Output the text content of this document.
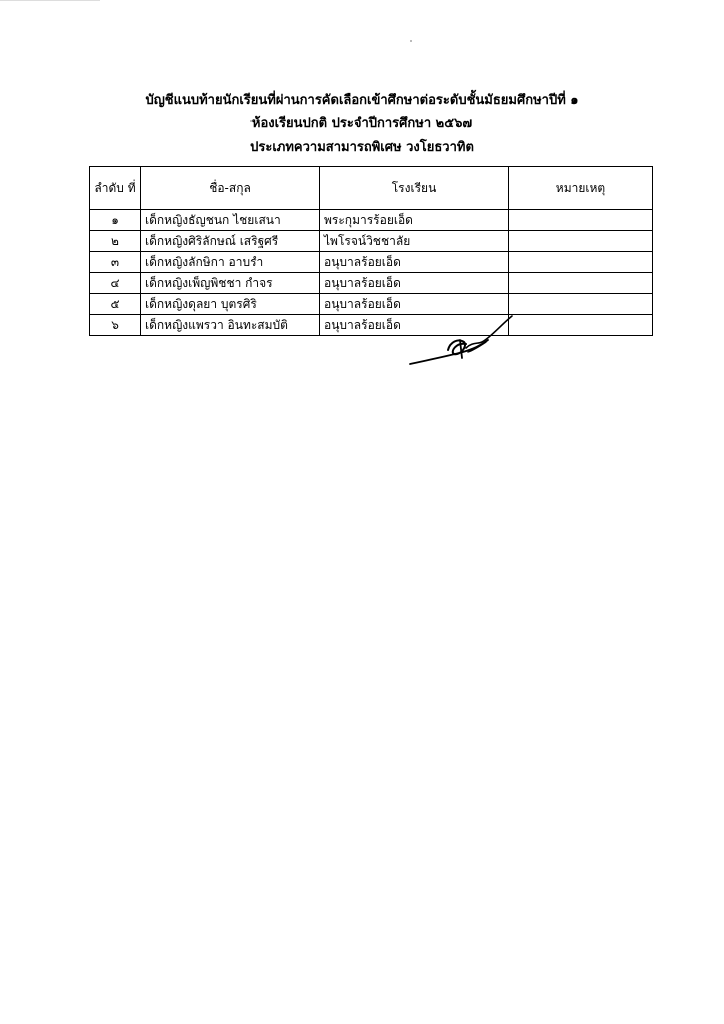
บัญชีแนบท้ายนักเรียนที่ผ่านการคัดเลือกเข้าศึกษาต่อระดับชั้นมัธยมศึกษาปีที่ ๑
ห้องเรียนปกติ ประจำปีการศึกษา ๒๕๖๗
ประเภทความสามารถพิเศษ วงโยธวาทิต
ลำดับ ที่	ชื่อ-สกุล	โรงเรียน	หมายเหตุ
๑	เด็กหญิงธัญชนก ไชยเสนา	พระกุมารร้อยเอ็ด	
๒	เด็กหญิงศิริลักษณ์ เสริฐศรี	ไพโรจน์วิชชาลัย	
๓	เด็กหญิงลักษิกา อาบรำ	อนุบาลร้อยเอ็ด	
๔	เด็กหญิงเพ็ญพิชชา กำจร	อนุบาลร้อยเอ็ด	
๕	เด็กหญิงดุลยา บุตรศิริ	อนุบาลร้อยเอ็ด	
๖	เด็กหญิงแพรวา อินทะสมบัติ	อนุบาลร้อยเอ็ด	
